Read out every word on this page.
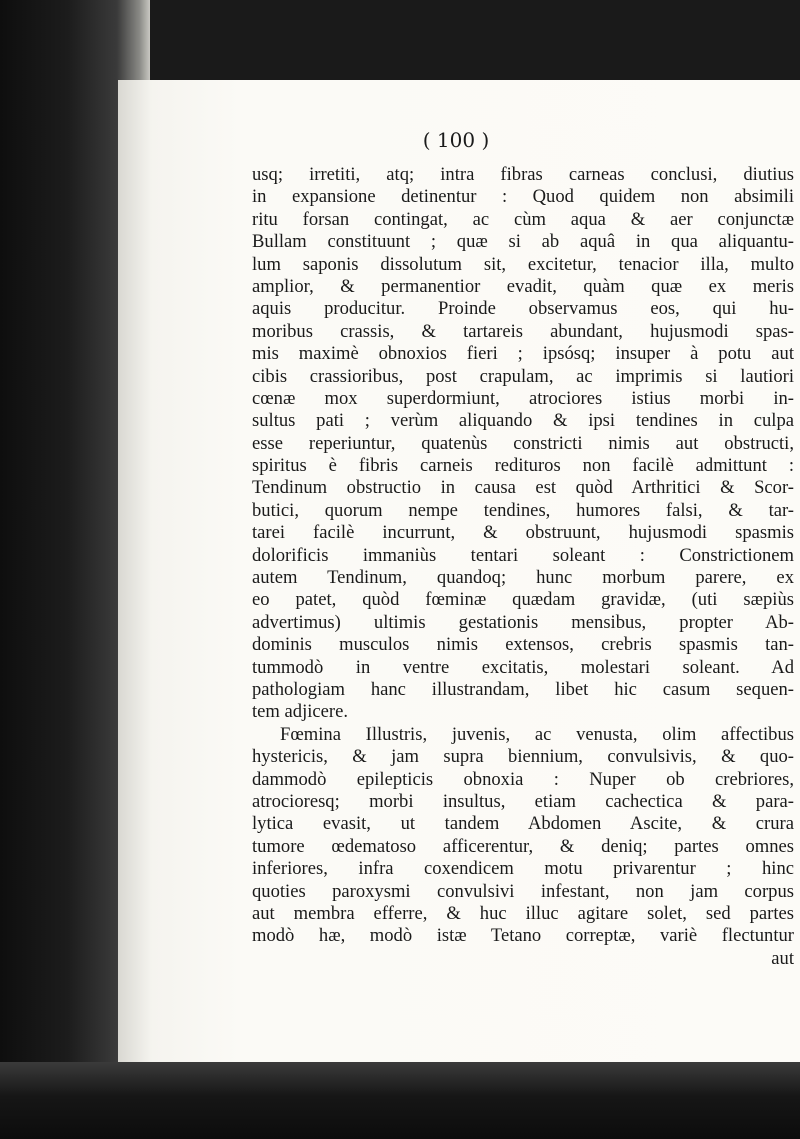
( 100 )
usq; irretiti, atq; intra fibras carneas conclusi, diutius
in expansione detinentur : Quod quidem non absimili
ritu forsan contingat, ac cùm aqua & aer conjunctæ
Bullam constituunt ; quæ si ab aquâ in qua aliquantu-
lum saponis dissolutum sit, excitetur, tenacior illa, multo
amplior, & permanentior evadit, quàm quæ ex meris
aquis producitur. Proinde observamus eos, qui hu-
moribus crassis, & tartareis abundant, hujusmodi spas-
mis maximè obnoxios fieri ; ipsósq; insuper à potu aut
cibis crassioribus, post crapulam, ac imprimis si lautiori
cœnæ mox superdormiunt, atrociores istius morbi in-
sultus pati ; verùm aliquando & ipsi tendines in culpa
esse reperiuntur, quatenùs constricti nimis aut obstructi,
spiritus è fibris carneis redituros non facilè admittunt :
Tendinum obstructio in causa est quòd Arthritici & Scor-
butici, quorum nempe tendines, humores falsi, & tar-
tarei facilè incurrunt, & obstruunt, hujusmodi spasmis
dolorificis immaniùs tentari soleant : Constrictionem
autem Tendinum, quandoq; hunc morbum parere, ex
eo patet, quòd fœminæ quædam gravidæ, (uti sæpiùs
advertimus) ultimis gestationis mensibus, propter Ab-
dominis musculos nimis extensos, crebris spasmis tan-
tummodò in ventre excitatis, molestari soleant. Ad
pathologiam hanc illustrandam, libet hic casum sequen-
tem adjicere.
Fœmina Illustris, juvenis, ac venusta, olim affectibus
hystericis, & jam supra biennium, convulsivis, & quo-
dammodò epilepticis obnoxia : Nuper ob crebriores,
atrocioresq; morbi insultus, etiam cachectica & para-
lytica evasit, ut tandem Abdomen Ascite, & crura
tumore œdematoso afficerentur, & deniq; partes omnes
inferiores, infra coxendicem motu privarentur ; hinc
quoties paroxysmi convulsivi infestant, non jam corpus
aut membra efferre, & huc illuc agitare solet, sed partes
modò hæ, modò istæ Tetano correptæ, variè flectuntur
aut
